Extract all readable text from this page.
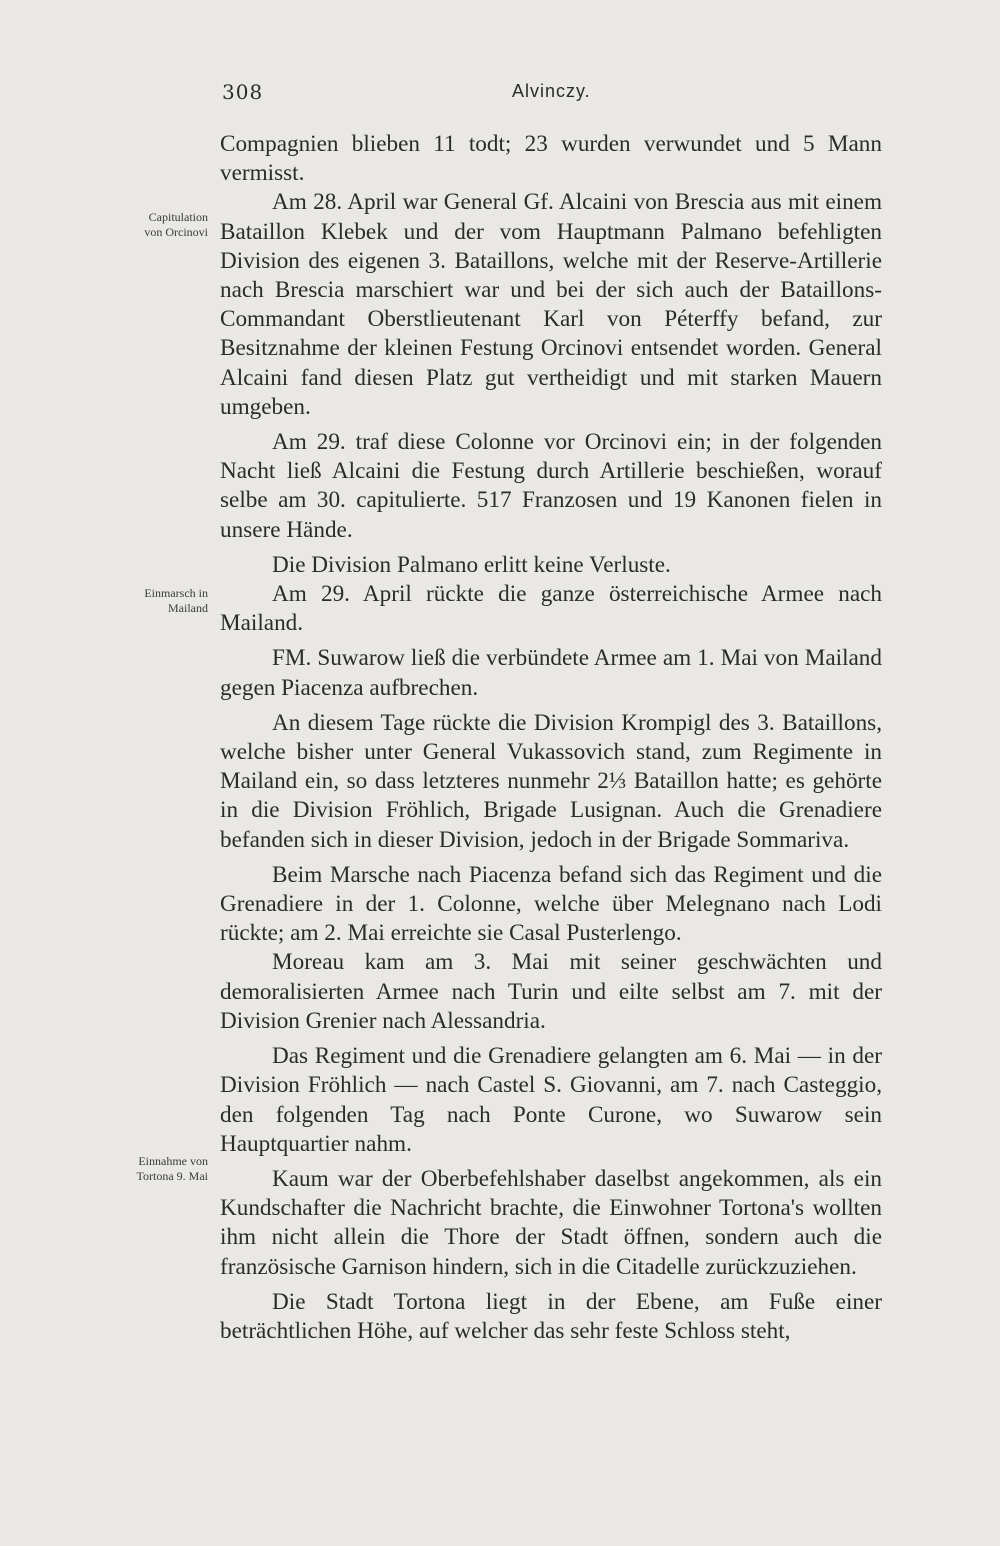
308	Alvinczy.
Capitulation
von Orcinovi
Einmarsch in
Mailand
Einnahme von
Tortona 9. Mai

Compagnien blieben 11 todt; 23 wurden verwundet und 5 Mann vermisst.

Am 28. April war General Gf. Alcaini von Brescia aus mit einem Bataillon Klebek und der vom Hauptmann Palmano befehligten Division des eigenen 3. Bataillons, welche mit der Reserve-Artillerie nach Brescia marschiert war und bei der sich auch der Bataillons-Commandant Oberstlieutenant Karl von Péterffy befand, zur Besitznahme der kleinen Festung Orcinovi entsendet worden. General Alcaini fand diesen Platz gut vertheidigt und mit starken Mauern umgeben.

Am 29. traf diese Colonne vor Orcinovi ein; in der folgenden Nacht ließ Alcaini die Festung durch Artillerie beschießen, worauf selbe am 30. capitulierte. 517 Franzosen und 19 Kanonen fielen in unsere Hände.

Die Division Palmano erlitt keine Verluste.

Am 29. April rückte die ganze österreichische Armee nach Mailand.

FM. Suwarow ließ die verbündete Armee am 1. Mai von Mailand gegen Piacenza aufbrechen.

An diesem Tage rückte die Division Krompigl des 3. Bataillons, welche bisher unter General Vukassovich stand, zum Regimente in Mailand ein, so dass letzteres nunmehr 2⅓ Bataillon hatte; es gehörte in die Division Fröhlich, Brigade Lusignan. Auch die Grenadiere befanden sich in dieser Division, jedoch in der Brigade Sommariva.

Beim Marsche nach Piacenza befand sich das Regiment und die Grenadiere in der 1. Colonne, welche über Melegnano nach Lodi rückte; am 2. Mai erreichte sie Casal Pusterlengo.

Moreau kam am 3. Mai mit seiner geschwächten und demoralisierten Armee nach Turin und eilte selbst am 7. mit der Division Grenier nach Alessandria.

Das Regiment und die Grenadiere gelangten am 6. Mai — in der Division Fröhlich — nach Castel S. Giovanni, am 7. nach Casteggio, den folgenden Tag nach Ponte Curone, wo Suwarow sein Hauptquartier nahm.

Kaum war der Oberbefehlshaber daselbst angekommen, als ein Kundschafter die Nachricht brachte, die Einwohner Tortona's wollten ihm nicht allein die Thore der Stadt öffnen, sondern auch die französische Garnison hindern, sich in die Citadelle zurückzuziehen.

Die Stadt Tortona liegt in der Ebene, am Fuße einer beträchtlichen Höhe, auf welcher das sehr feste Schloss steht,
